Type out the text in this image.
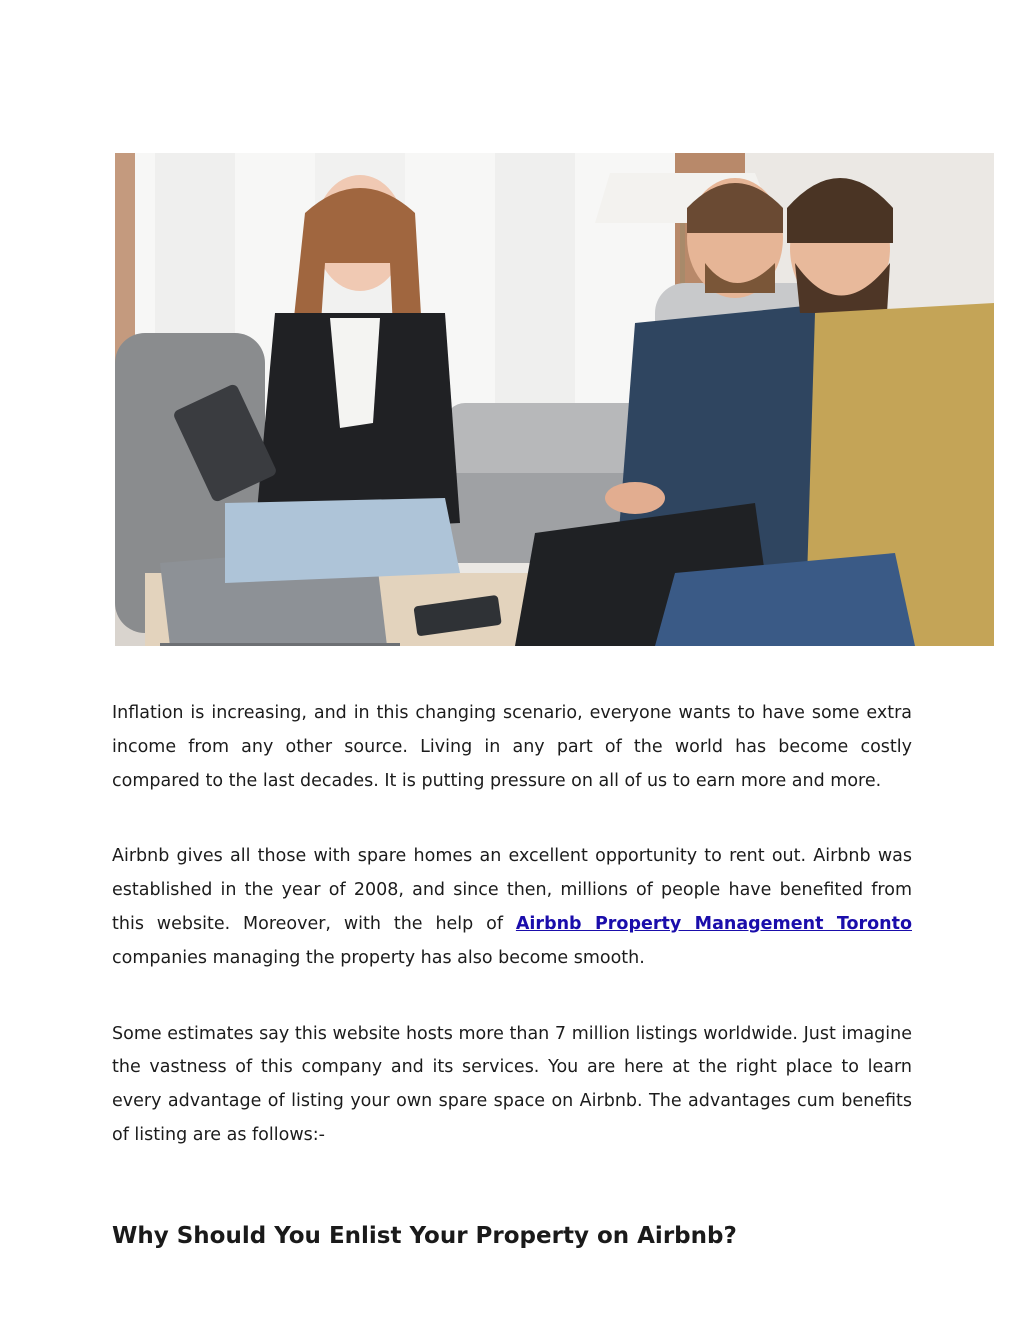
Inflation is increasing, and in this changing scenario, everyone wants to have some extra income from any other source. Living in any part of the world has become costly compared to the last decades. It is putting pressure on all of us to earn more and more.

Airbnb gives all those with spare homes an excellent opportunity to rent out. Airbnb was established in the year of 2008, and since then, millions of people have benefited from this website. Moreover, with the help of Airbnb Property Management Toronto companies managing the property has also become smooth.

Some estimates say this website hosts more than 7 million listings worldwide. Just imagine the vastness of this company and its services. You are here at the right place to learn every advantage of listing your own spare space on Airbnb. The advantages cum benefits of listing are as follows:-

Why Should You Enlist Your Property on Airbnb?
